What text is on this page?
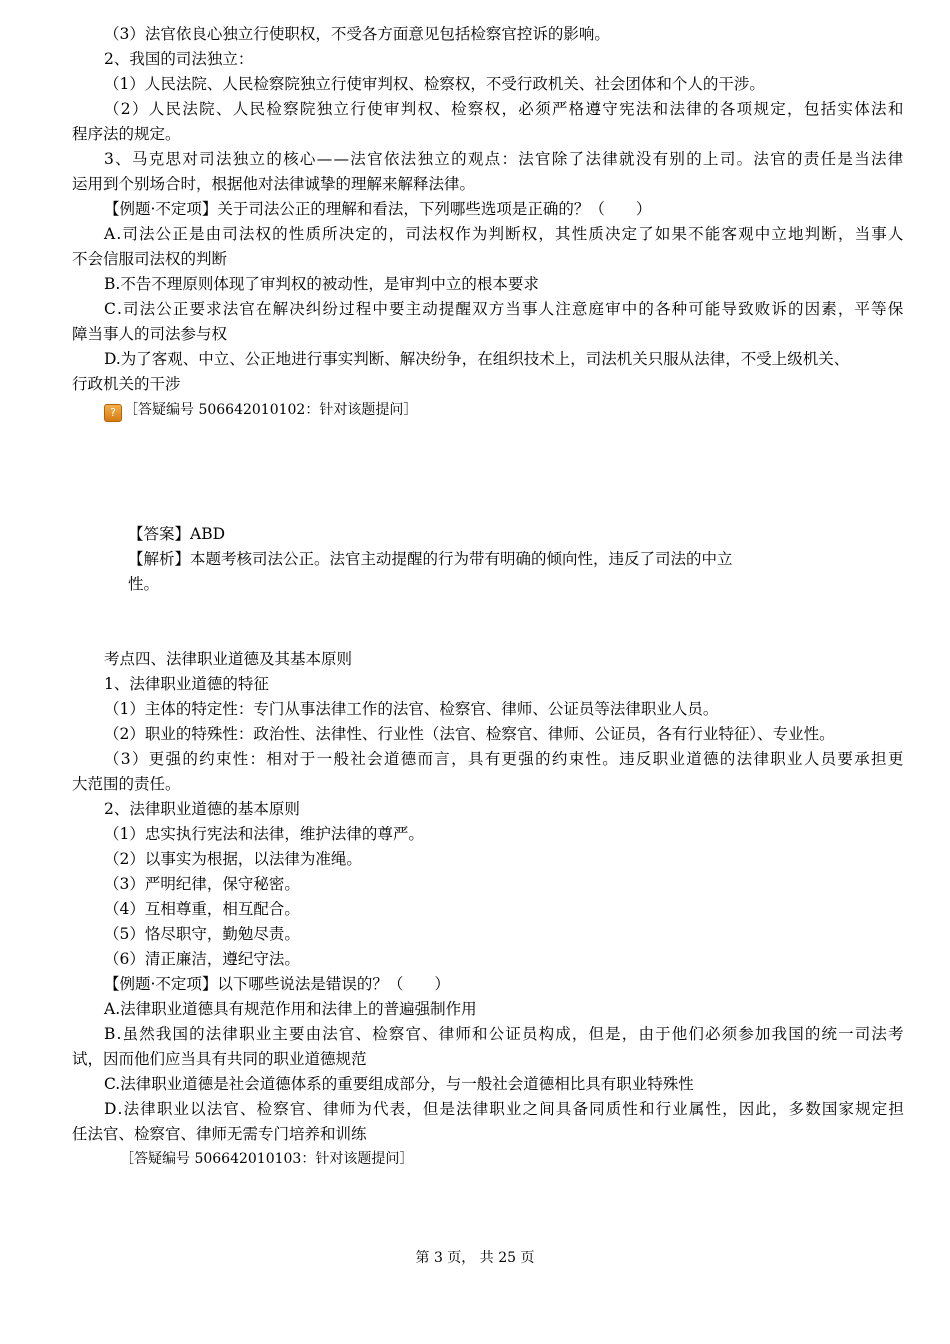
（3）法官依良心独立行使职权，不受各方面意见包括检察官控诉的影响。
2、我国的司法独立：
（1）人民法院、人民检察院独立行使审判权、检察权，不受行政机关、社会团体和个人的干涉。
（ 2 ） 人 民 法 院 、 人 民 检 察 院 独 立 行 使 审 判 权 、 检 察 权 ， 必 须 严 格 遵 守 宪 法 和 法 律 的 各 项 规 定 ， 包 括 实 体 法 和
程序法的规定。
3 、 马 克 思 对 司 法 独 立 的 核 心 — — 法 官 依 法 独 立 的 观 点 ： 法 官 除 了 法 律 就 没 有 别 的 上 司 。 法 官 的 责 任 是 当 法 律
运用到个别场合时，根据他对法律诚挚的理解来解释法律。
【例题·不定项】关于司法公正的理解和看法，下列哪些选项是正确的？（　　）
A . 司 法 公 正 是 由 司 法 权 的 性 质 所 决 定 的 ， 司 法 权 作 为 判 断 权 ， 其 性 质 决 定 了 如 果 不 能 客 观 中 立 地 判 断 ， 当 事 人
不会信服司法权的判断
B.不告不理原则体现了审判权的被动性，是审判中立的根本要求
C . 司 法 公 正 要 求 法 官 在 解 决 纠 纷 过 程 中 要 主 动 提 醒 双 方 当 事 人 注 意 庭 审 中 的 各 种 可 能 导 致 败 诉 的 因 素 ， 平 等 保
障当事人的司法参与权
D.为了客观、中立、公正地进行事实判断、解决纷争，在组织技术上，司法机关只服从法律，不受上级机关、
行政机关的干涉
? ［答疑编号 506642010102：针对该题提问］
【答案】ABD
【解析】本题考核司法公正。法官主动提醒的行为带有明确的倾向性，违反了司法的中立
性。
考点四、法律职业道德及其基本原则
1、法律职业道德的特征
（1）主体的特定性：专门从事法律工作的法官、检察官、律师、公证员等法律职业人员。
（2）职业的特殊性：政治性、法律性、行业性（法官、检察官、律师、公证员，各有行业特征）、专业性。
（ 3 ） 更 强 的 约 束 性 ： 相 对 于 一 般 社 会 道 德 而 言 ， 具 有 更 强 的 约 束 性 。 违 反 职 业 道 德 的 法 律 职 业 人 员 要 承 担 更
大范围的责任。
2、法律职业道德的基本原则
（1）忠实执行宪法和法律，维护法律的尊严。
（2）以事实为根据，以法律为准绳。
（3）严明纪律，保守秘密。
（4）互相尊重，相互配合。
（5）恪尽职守，勤勉尽责。
（6）清正廉洁，遵纪守法。
【例题·不定项】以下哪些说法是错误的？（　　）
A.法律职业道德具有规范作用和法律上的普遍强制作用
B . 虽 然 我 国 的 法 律 职 业 主 要 由 法 官 、 检 察 官 、 律 师 和 公 证 员 构 成 ， 但 是 ， 由 于 他 们 必 须 参 加 我 国 的 统 一 司 法 考
试，因而他们应当具有共同的职业道德规范
C.法律职业道德是社会道德体系的重要组成部分，与一般社会道德相比具有职业特殊性
D . 法 律 职 业 以 法 官 、 检 察 官 、 律 师 为 代 表 ， 但 是 法 律 职 业 之 间 具 备 同 质 性 和 行 业 属 性 ， 因 此 ， 多 数 国 家 规 定 担
任法官、检察官、律师无需专门培养和训练
［答疑编号 506642010103：针对该题提问］
第 3 页， 共 25 页
